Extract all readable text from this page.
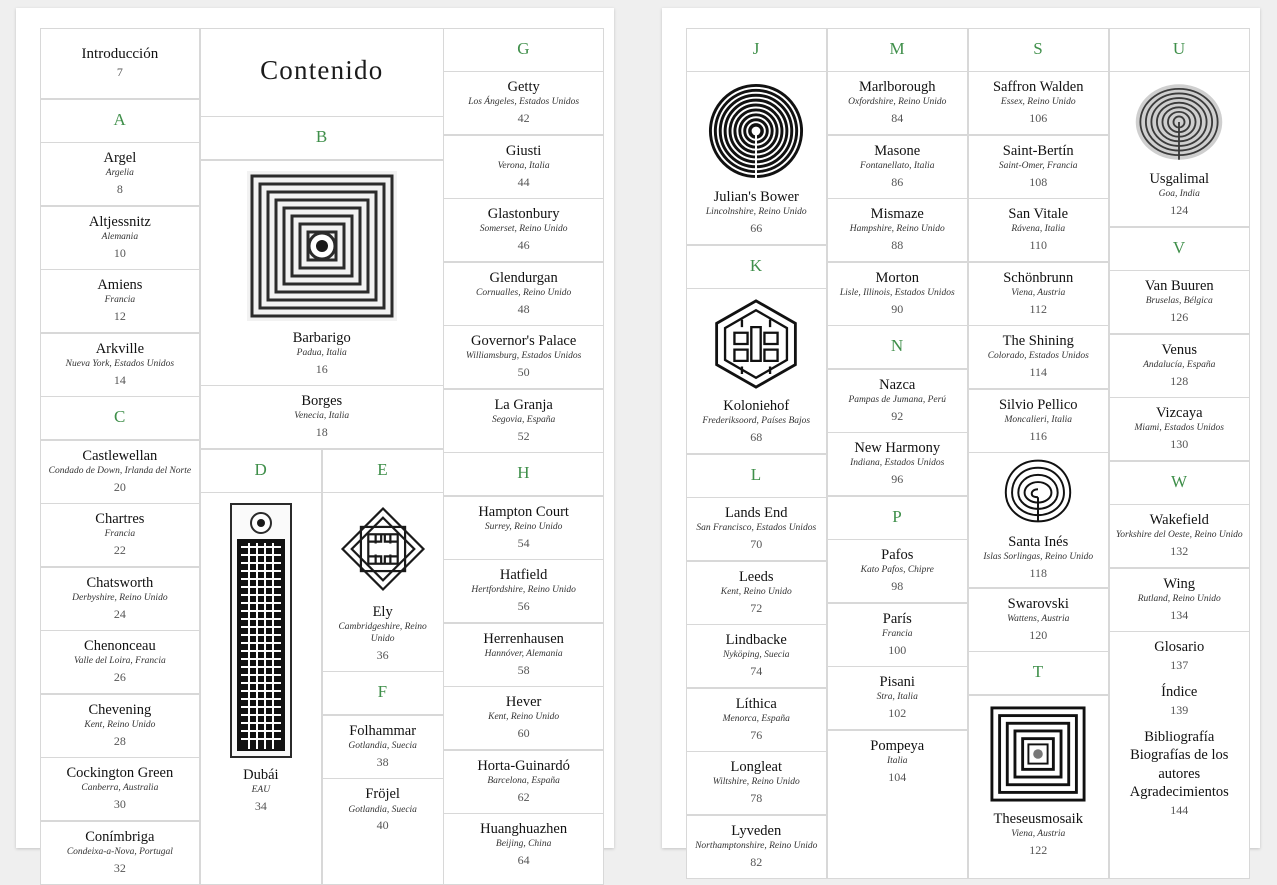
Introducción
7
A
Argel
Argelia
8
Altjessnitz
Alemania
10
Amiens
Francia
12
Arkville
Nueva York, Estados Unidos
14
C
Castlewellan
Condado de Down, Irlanda del Norte
20
Chartres
Francia
22
Chatsworth
Derbyshire, Reino Unido
24
Chenonceau
Valle del Loira, Francia
26
Chevening
Kent, Reino Unido
28
Cockington Green
Canberra, Australia
30
Conímbriga
Condeixa-a-Nova, Portugal
32
Contenido
B
Barbarigo
Padua, Italia
16
Borges
Venecia, Italia
18
D
Dubái
EAU
34
E
Ely
Cambridgeshire, Reino Unido
36
F
Folhammar
Gotlandia, Suecia
38
Fröjel
Gotlandia, Suecia
40
G
Getty
Los Ángeles, Estados Unidos
42
Giusti
Verona, Italia
44
Glastonbury
Somerset, Reino Unido
46
Glendurgan
Cornualles, Reino Unido
48
Governor's Palace
Williamsburg, Estados Unidos
50
La Granja
Segovia, España
52
H
Hampton Court
Surrey, Reino Unido
54
Hatfield
Hertfordshire, Reino Unido
56
Herrenhausen
Hannóver, Alemania
58
Hever
Kent, Reino Unido
60
Horta-Guinardó
Barcelona, España
62
Huanghuazhen
Beijing, China
64
J
Julian's Bower
Lincolnshire, Reino Unido
66
K
Koloniehof
Frederiksoord, Países Bajos
68
L
Lands End
San Francisco, Estados Unidos
70
Leeds
Kent, Reino Unido
72
Lindbacke
Nyköping, Suecia
74
Líthica
Menorca, España
76
Longleat
Wiltshire, Reino Unido
78
Lyveden
Northamptonshire, Reino Unido
82
M
Marlborough
Oxfordshire, Reino Unido
84
Masone
Fontanellato, Italia
86
Mismaze
Hampshire, Reino Unido
88
Morton
Lisle, Illinois, Estados Unidos
90
N
Nazca
Pampas de Jumana, Perú
92
New Harmony
Indiana, Estados Unidos
96
P
Pafos
Kato Pafos, Chipre
98
París
Francia
100
Pisani
Stra, Italia
102
Pompeya
Italia
104
S
Saffron Walden
Essex, Reino Unido
106
Saint-Bertín
Saint-Omer, Francia
108
San Vitale
Rávena, Italia
110
Schönbrunn
Viena, Austria
112
The Shining
Colorado, Estados Unidos
114
Silvio Pellico
Moncalieri, Italia
116
Santa Inés
Islas Sorlingas, Reino Unido
118
Swarovski
Wattens, Austria
120
T
Theseusmosaik
Viena, Austria
122
U
Usgalimal
Goa, India
124
V
Van Buuren
Bruselas, Bélgica
126
Venus
Andalucía, España
128
Vizcaya
Miami, Estados Unidos
130
W
Wakefield
Yorkshire del Oeste, Reino Unido
132
Wing
Rutland, Reino Unido
134
Glosario
137
Índice
139
Bibliografía
Biografías de los autores
Agradecimientos
144
